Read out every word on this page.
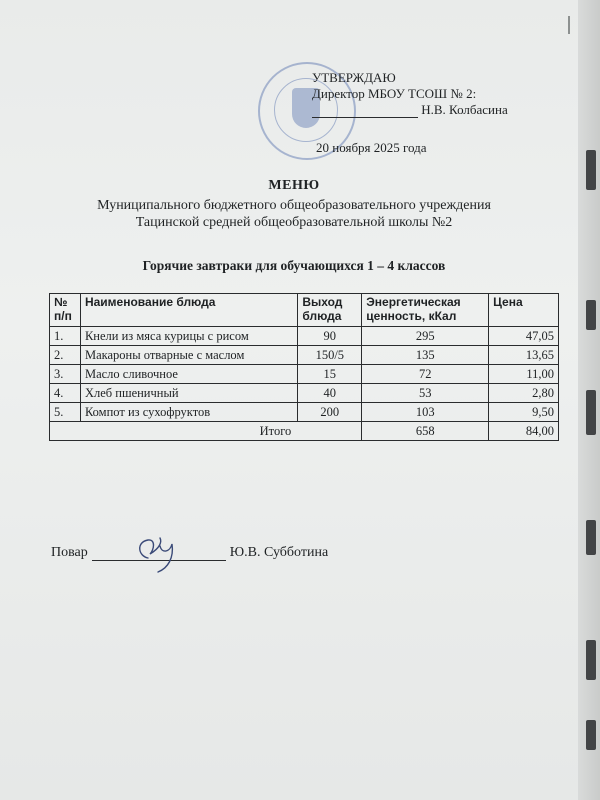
УТВЕРЖДАЮ
Директор МБОУ ТСОШ № 2:
Н.В. Колбасина
20 ноября 2025 года
МЕНЮ
Муниципального бюджетного общеобразовательного учреждения
Тацинской средней общеобразовательной школы №2
Горячие завтраки для обучающихся 1 – 4 классов
№ п/п	Наименование блюда	Выход блюда	Энергетическая ценность, кКал	Цена
1.	Кнели из мяса курицы с рисом	90	295	47,05
2.	Макароны отварные с маслом	150/5	135	13,65
3.	Масло сливочное	15	72	11,00
4.	Хлеб пшеничный	40	53	2,80
5.	Компот из сухофруктов	200	103	9,50
Итого			658	84,00
Повар	Ю.В. Субботина
